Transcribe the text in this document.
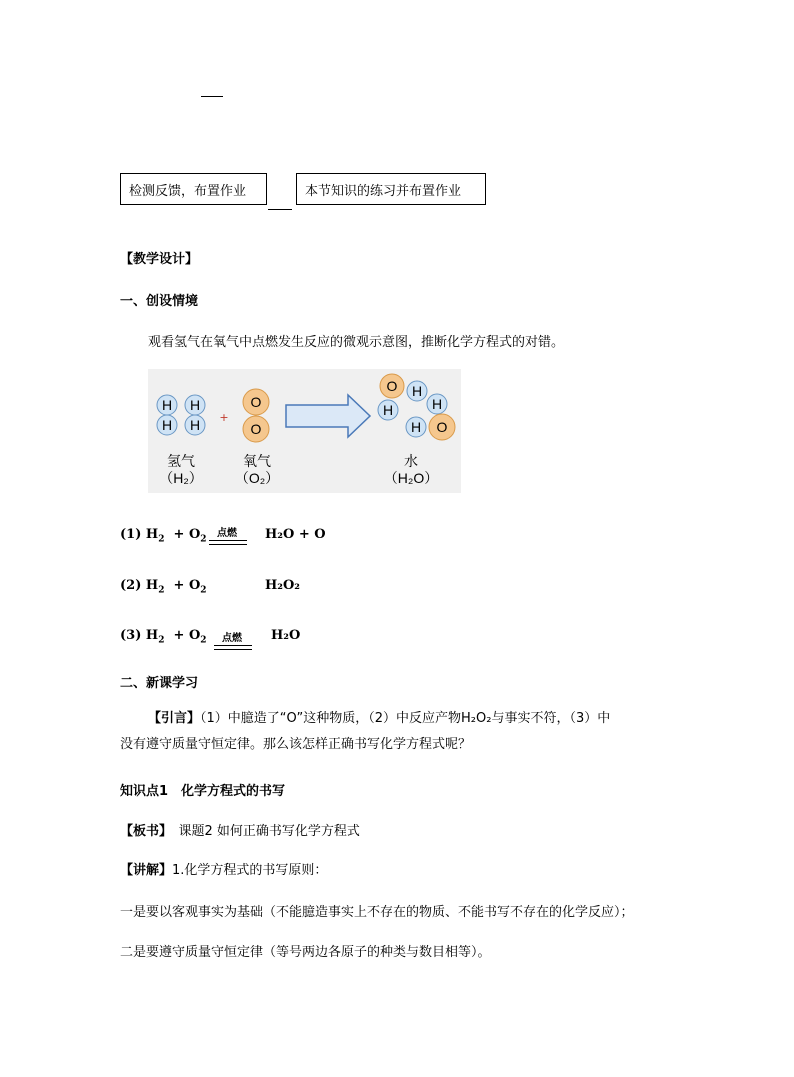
检测反馈，布置作业	本节知识的练习并布置作业
【教学设计】
一、创设情境
观看氢气在氧气中点燃发生反应的微观示意图，推断化学方程式的对错。
H
H
H
H +
O
O
O H
H	H
H O
氢气
（H₂）
氧气
（O₂）
水
（H₂O）
(1) $H_2 + O_2$
点燃 H₂O + O
(2) $H_2 + O_2$	H₂O₂
(3) $H_2 + O_2$ 点燃 H₂O
二、新课学习
【引言】（1）中臆造了“O”这种物质，（2）中反应产物H₂O₂与事实不符，（3）中
没有遵守质量守恒定律。那么该怎样正确书写化学方程式呢？
知识点1　化学方程式的书写
【板书】　课题2 如何正确书写化学方程式
【讲解】1.化学方程式的书写原则：
一是要以客观事实为基础（不能臆造事实上不存在的物质、不能书写不存在的化学反应）；
二是要遵守质量守恒定律（等号两边各原子的种类与数目相等）。
